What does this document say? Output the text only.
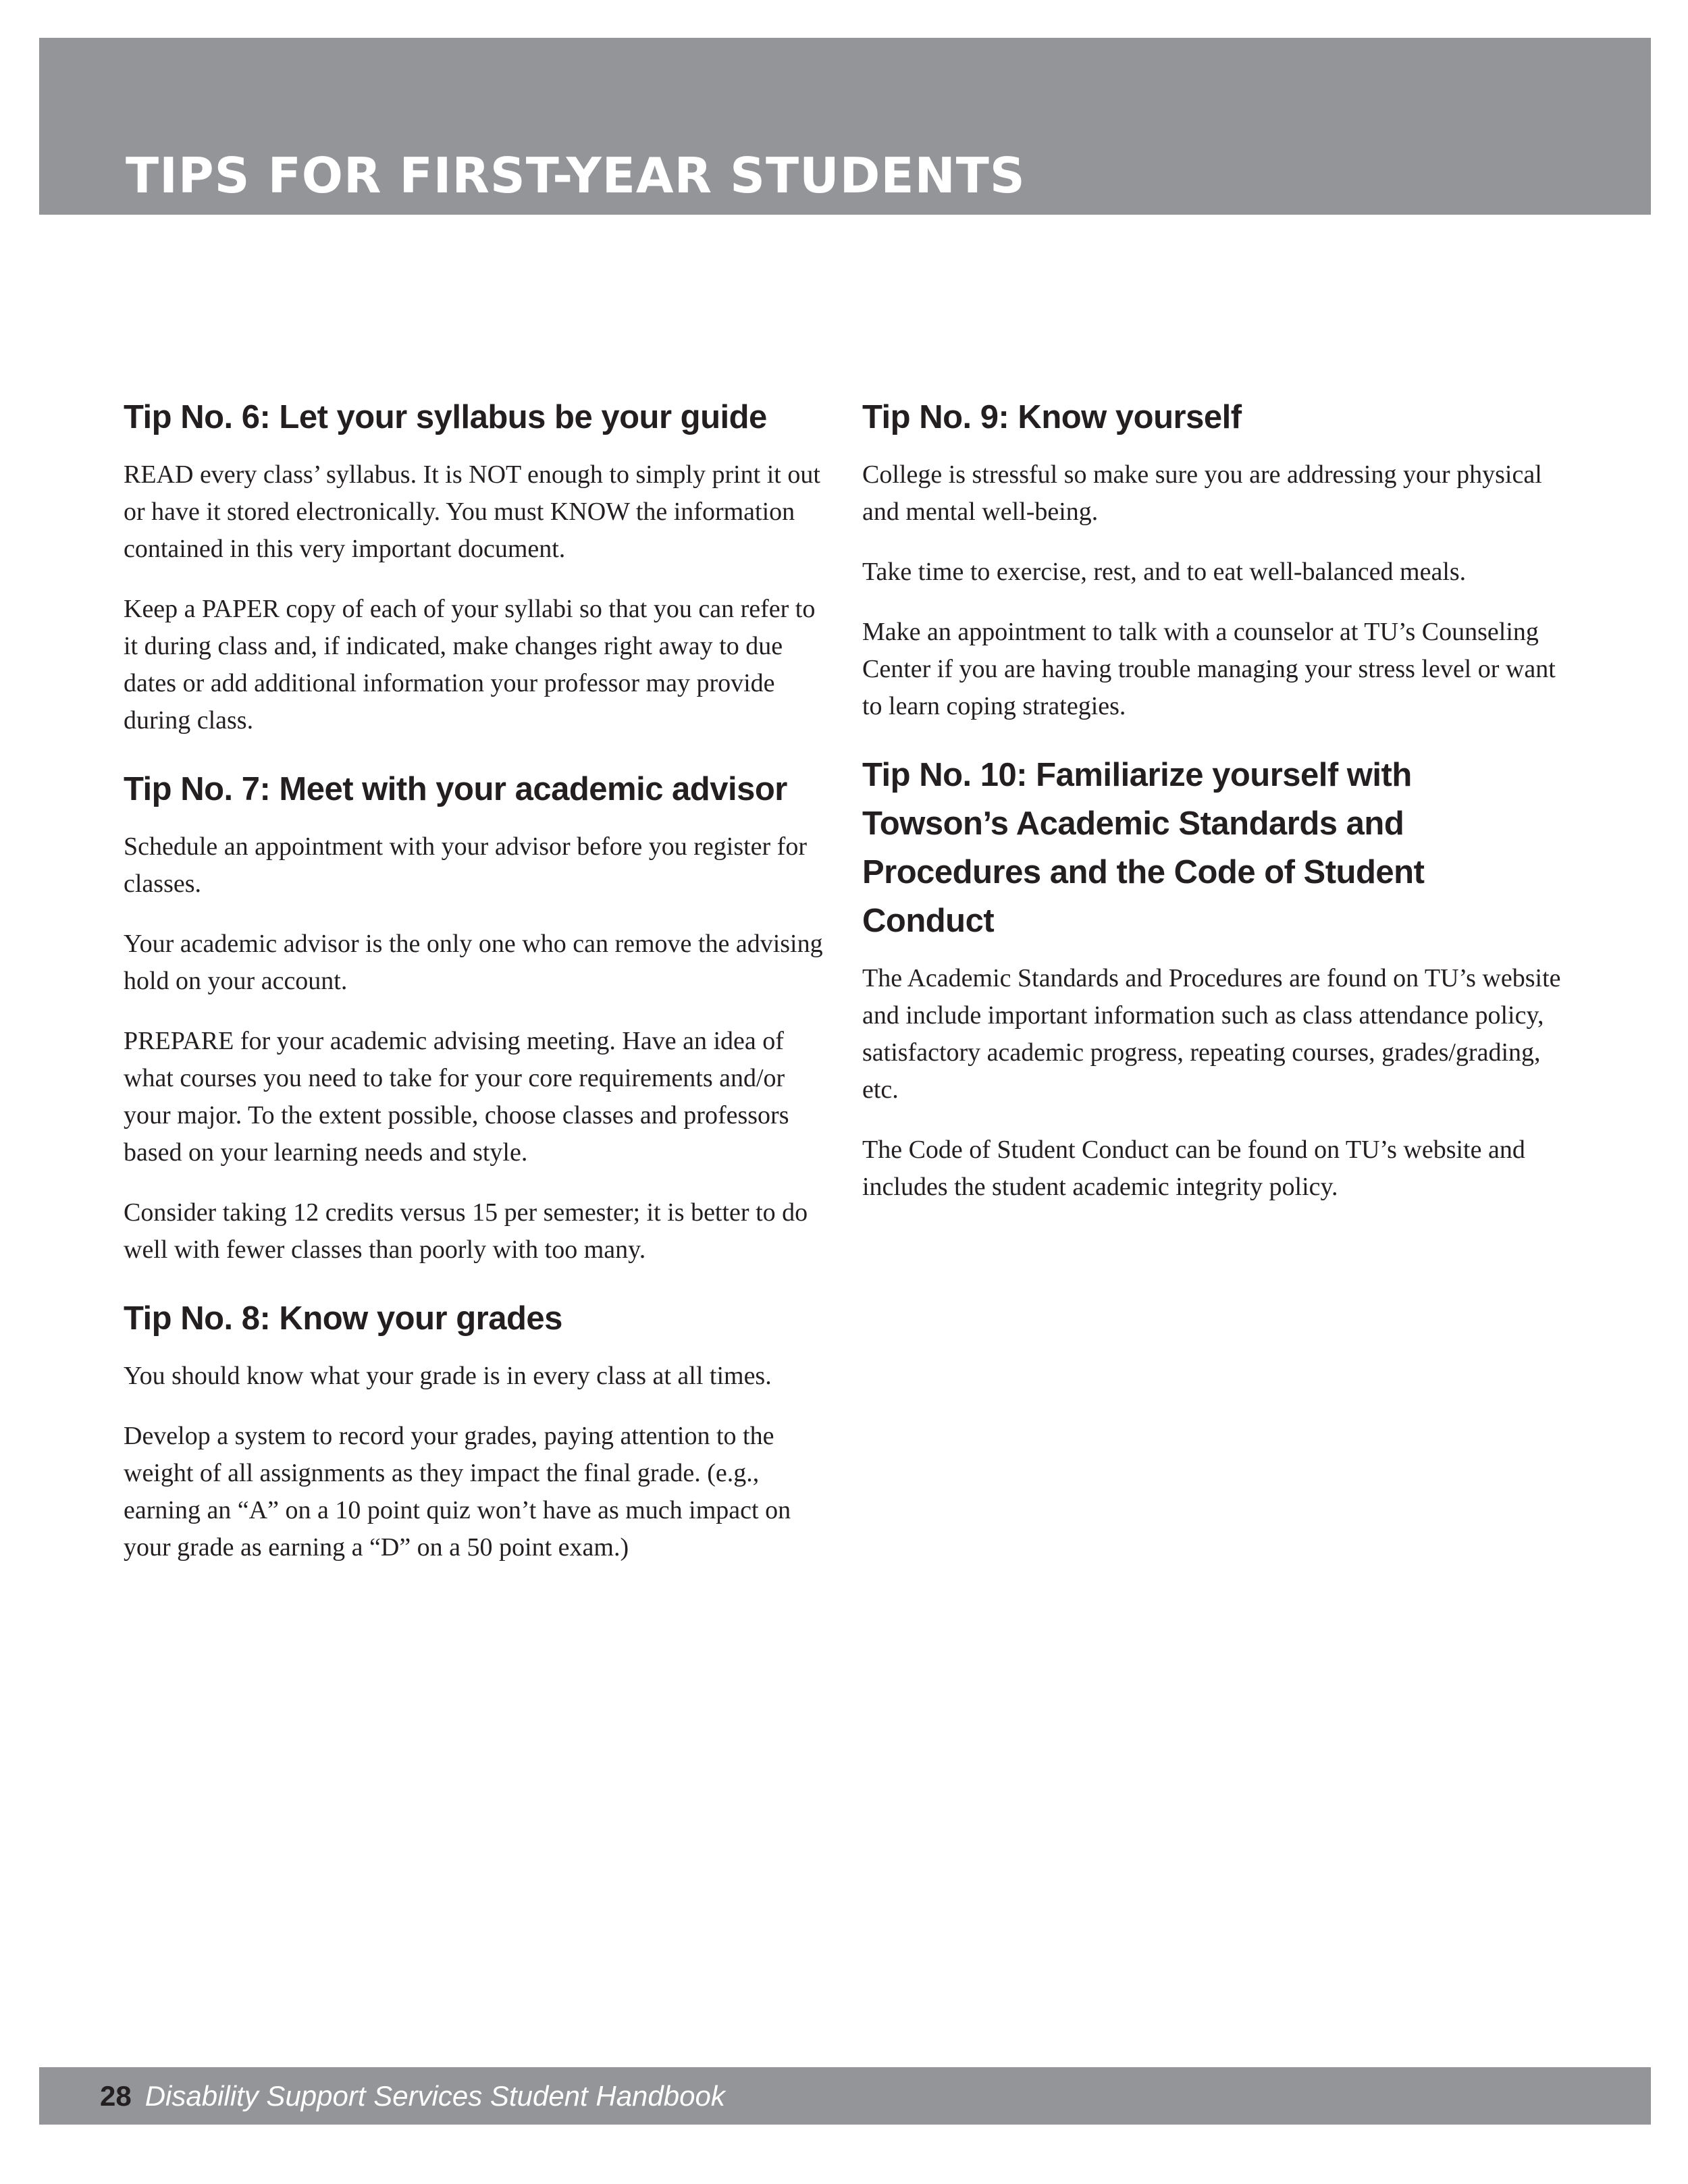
TIPS FOR FIRST-YEAR STUDENTS
Tip No. 6: Let your syllabus be your guide

READ every class’ syllabus. It is NOT enough to simply print it out or have it stored electronically. You must KNOW the information contained in this very important document.

Keep a PAPER copy of each of your syllabi so that you can refer to it during class and, if indicated, make changes right away to due dates or add additional information your professor may provide during class.

Tip No. 7: Meet with your academic advisor

Schedule an appointment with your advisor before you register for classes.

Your academic advisor is the only one who can remove the advising hold on your account.

PREPARE for your academic advising meeting. Have an idea of what courses you need to take for your core requirements and/or your major. To the extent possible, choose classes and professors based on your learning needs and style.

Consider taking 12 credits versus 15 per semester; it is better to do well with fewer classes than poorly with too many.

Tip No. 8: Know your grades

You should know what your grade is in every class at all times.

Develop a system to record your grades, paying attention to the weight of all assignments as they impact the final grade. (e.g., earning an “A” on a 10 point quiz won’t have as much impact on your grade as earning a “D” on a 50 point exam.)

Tip No. 9: Know yourself

College is stressful so make sure you are addressing your physical and mental well-being.

Take time to exercise, rest, and to eat well-balanced meals.

Make an appointment to talk with a counselor at TU’s Counseling Center if you are having trouble managing your stress level or want to learn coping strategies.

Tip No. 10: Familiarize yourself with Towson’s Academic Standards and Procedures and the Code of Student Conduct

The Academic Standards and Procedures are found on TU’s website and include important information such as class attendance policy, satisfactory academic progress, repeating courses, grades/grading, etc.

The Code of Student Conduct can be found on TU’s website and includes the student academic integrity policy.

28 Disability Support Services Student Handbook
